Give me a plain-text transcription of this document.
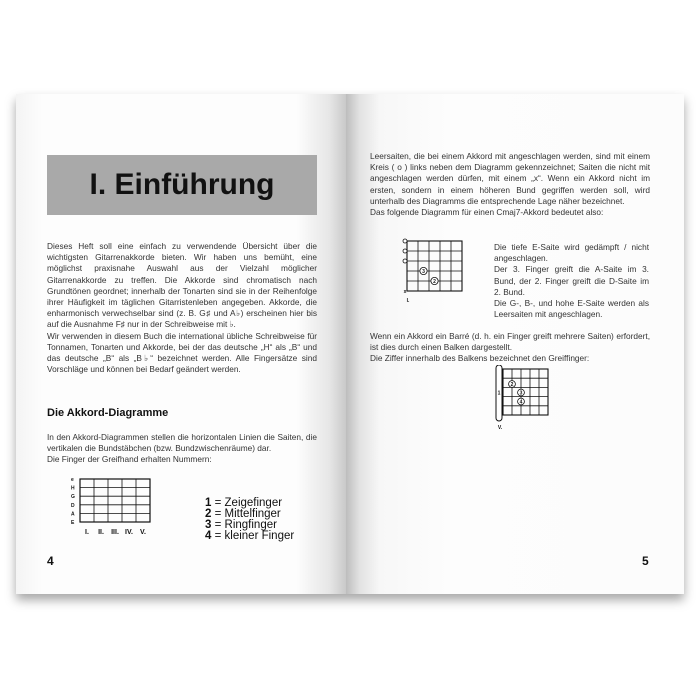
I. Einführung

Dieses Heft soll eine einfach zu verwendende Übersicht über die wichtigsten Gitarrenakkorde bieten. Wir haben uns bemüht, eine möglichst praxisnahe Auswahl aus der Vielzahl möglicher Gitarrenakkorde zu treffen. Die Akkorde sind chromatisch nach Grundtönen geordnet; innerhalb der Tonarten sind sie in der Reihenfolge ihrer Häufigkeit im täglichen Gitarristenleben angegeben. Akkorde, die enharmonisch verwechselbar sind (z. B. G♯ und A♭) erscheinen hier bis auf die Ausnahme F♯ nur in der Schreibweise mit ♭.

Wir verwenden in diesem Buch die international übliche Schreibweise für Tonnamen, Tonarten und Akkorde, bei der das deutsche „H“ als „B“ und das deutsche „B“ als „B♭“ bezeichnet werden. Alle Fingersätze sind Vorschläge und können bei Bedarf geändert werden.

Die Akkord-Diagramme

In den Akkord-Diagrammen stellen die horizontalen Linien die Saiten, die vertikalen die Bundstäbchen (bzw. Bundzwischenräume) dar.

Die Finger der Greifhand erhalten Nummern:

e
H
G
D
A
E
I. II. III. IV. V.
1 = Zeigefinger
2 = Mittelfinger
3 = Ringfinger
4 = kleiner Finger
4

Leersaiten, die bei einem Akkord mit angeschlagen werden, sind mit einem Kreis ( o ) links neben dem Diagramm gekennzeichnet; Saiten die nicht mit angeschlagen werden dürfen, mit einem „x“. Wenn ein Akkord nicht im ersten, sondern in einem höheren Bund gegriffen werden soll, wird unterhalb des Diagramms die entsprechende Lage näher bezeichnet.

Das folgende Diagramm für einen Cmaj7-Akkord bedeutet also:

3
2
x
I.

Die tiefe E-Saite wird gedämpft / nicht angeschlagen.

Der 3. Finger greift die A-Saite im 3. Bund, der 2. Finger greift die D-Saite im 2. Bund.

Die G-, B-, und hohe E-Saite werden als Leersaiten mit angeschlagen.

Wenn ein Akkord ein Barré (d. h. ein Finger greift mehrere Saiten) erfordert, ist dies durch einen Balken dargestellt.

Die Ziffer innerhalb des Balkens bezeichnet den Greiffinger:

1
2
3
4
V.
5
